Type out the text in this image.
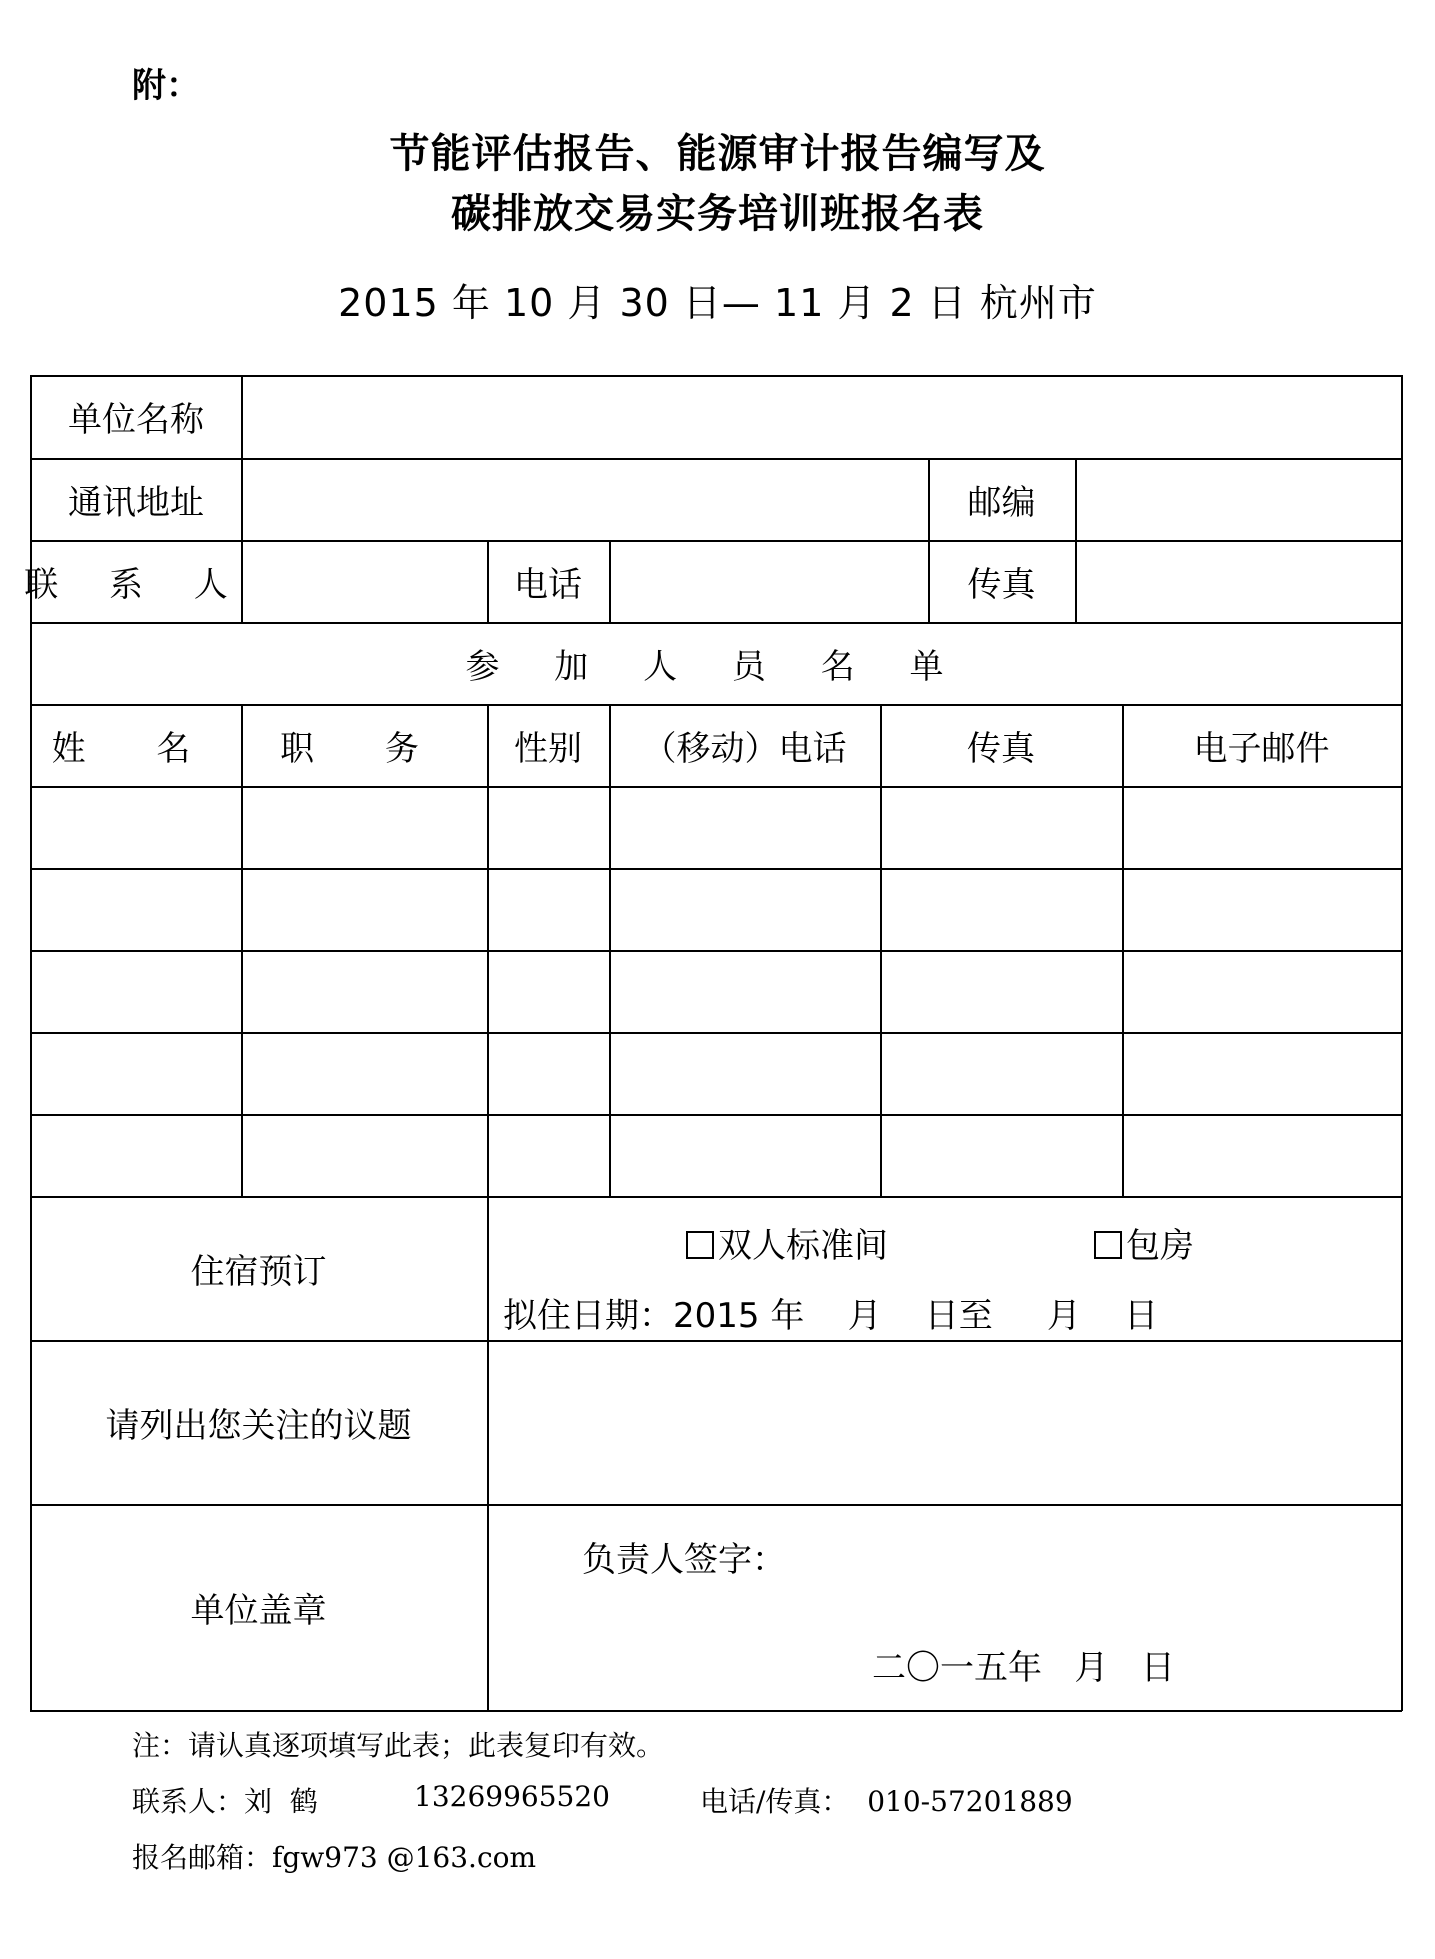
附：
节能评估报告、能源审计报告编写及
碳排放交易实务培训班报名表
2015 年 10 月 30 日— 11 月 2 日 杭州市
单位名称
通讯地址	邮编
联 系 人	电话	传真
参 加 人 员 名 单
姓 名	职 务	性别	（移动）电话	传真	电子邮件
住宿预订
双人标准间	包房
拟住日期：2015 年    月    日至     月    日
请列出您关注的议题
单位盖章
负责人签字：
二〇一五年   月   日
注：请认真逐项填写此表；此表复印有效。
联系人：刘  鹤	13269965520	电话/传真：  010-57201889
报名邮箱：fgw973 @163.com
